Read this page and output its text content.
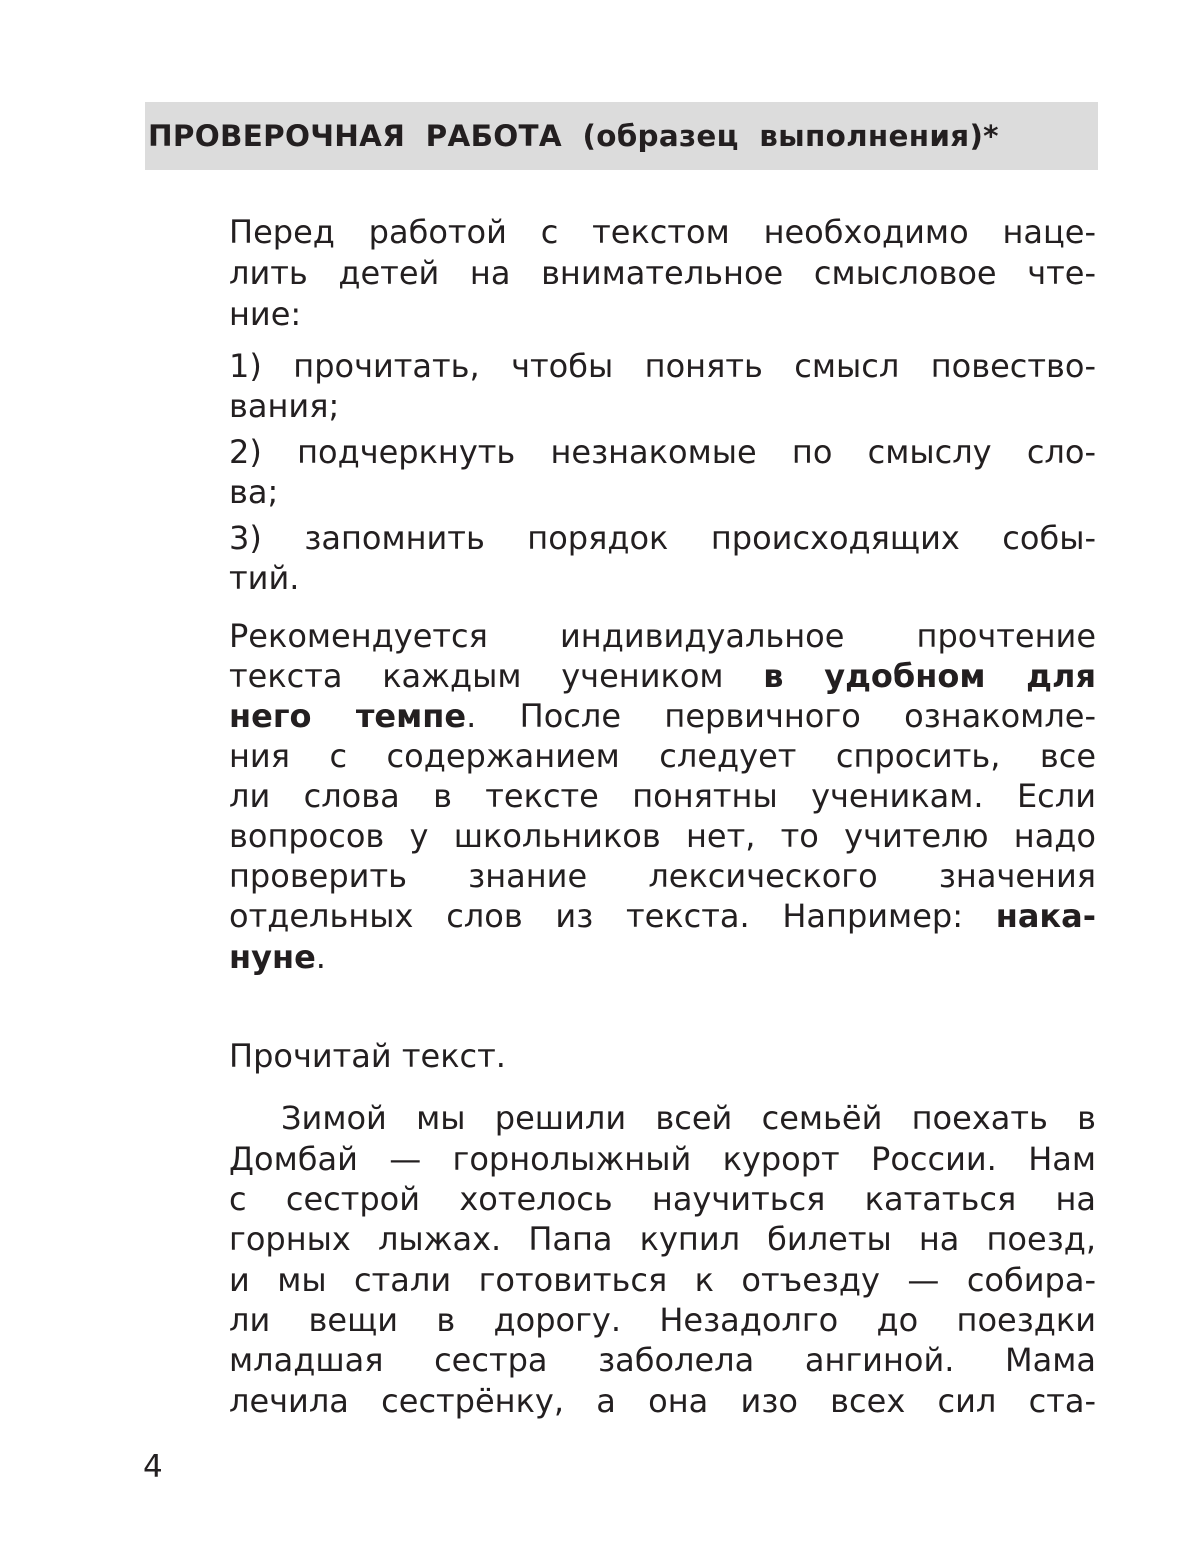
ПРОВЕРОЧНАЯ РАБОТА (образец выполнения)*
Перед работой с текстом необходимо наце-
лить детей на внимательное смысловое чте-
ние:
1) прочитать, чтобы понять смысл повество-
вания;
2) подчеркнуть незнакомые по смыслу сло-
ва;
3) запомнить порядок происходящих собы-
тий.
Рекомендуется индивидуальное прочтение
текста каждым учеником в удобном для
него темпе. После первичного ознакомле-
ния с содержанием следует спросить, все
ли слова в тексте понятны ученикам. Если
вопросов у школьников нет, то учителю надо
проверить знание лексического значения
отдельных слов из текста. Например: нака-
нуне.
Прочитай текст.
Зимой мы решили всей семьёй поехать в
Домбай — горнолыжный курорт России. Нам
с сестрой хотелось научиться кататься на
горных лыжах. Папа купил билеты на поезд,
и мы стали готовиться к отъезду — собира-
ли вещи в дорогу. Незадолго до поездки
младшая сестра заболела ангиной. Мама
лечила сестрёнку, а она изо всех сил ста-
4
